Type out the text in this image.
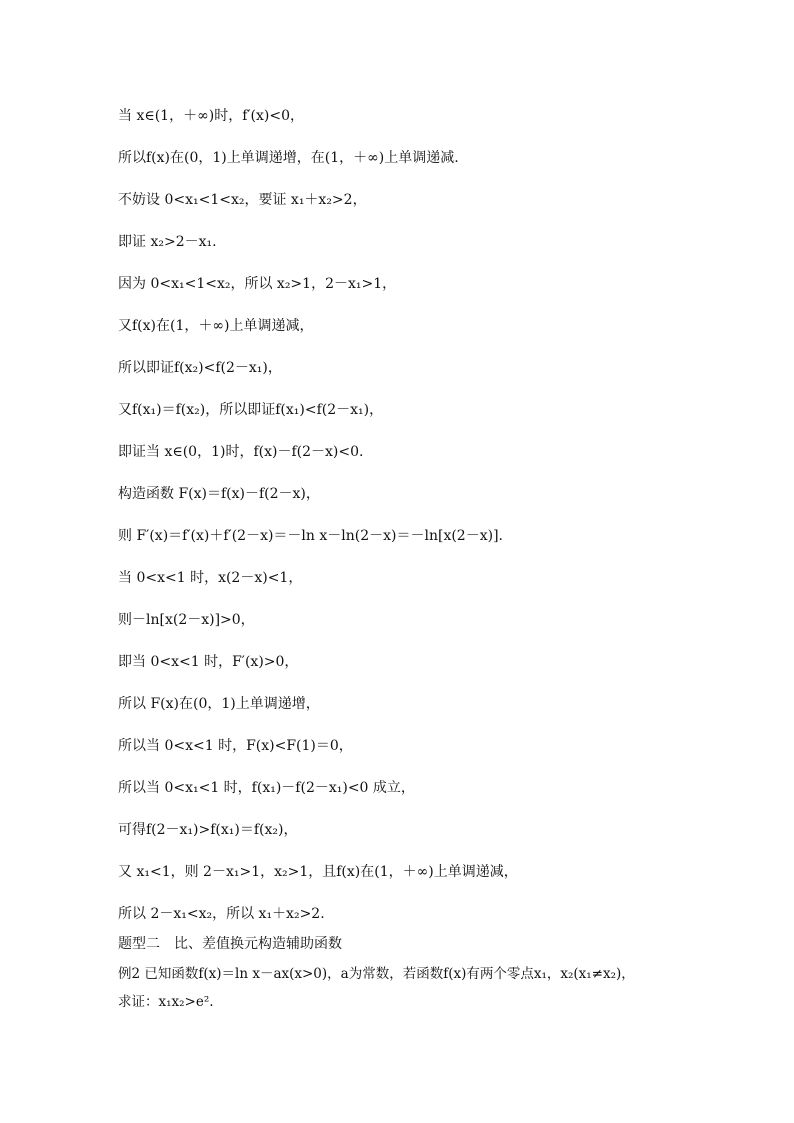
当 x∈(1，＋∞)时，f′(x)<0，
所以f(x)在(0，1)上单调递增，在(1，＋∞)上单调递减.
不妨设 0<x₁<1<x₂，要证 x₁＋x₂>2，
即证 x₂>2－x₁.
因为 0<x₁<1<x₂，所以 x₂>1，2－x₁>1，
又f(x)在(1，＋∞)上单调递减，
所以即证f(x₂)<f(2－x₁)，
又f(x₁)＝f(x₂)，所以即证f(x₁)<f(2－x₁)，
即证当 x∈(0，1)时，f(x)－f(2－x)<0.
构造函数 F(x)＝f(x)－f(2－x)，
则 F′(x)＝f′(x)＋f′(2－x)＝－ln x－ln(2－x)＝－ln[x(2－x)].
当 0<x<1 时，x(2－x)<1，
则－ln[x(2－x)]>0，
即当 0<x<1 时，F′(x)>0，
所以 F(x)在(0，1)上单调递增，
所以当 0<x<1 时，F(x)<F(1)＝0，
所以当 0<x₁<1 时，f(x₁)－f(2－x₁)<0 成立，
可得f(2－x₁)>f(x₁)＝f(x₂)，
又 x₁<1，则 2－x₁>1，x₂>1，且f(x)在(1，＋∞)上单调递减，
所以 2－x₁<x₂，所以 x₁＋x₂>2.
题型二　比、差值换元构造辅助函数
例2 已知函数f(x)＝ln x－ax(x>0)，a为常数，若函数f(x)有两个零点x₁，x₂(x₁≠x₂)，
求证：x₁x₂>e².
